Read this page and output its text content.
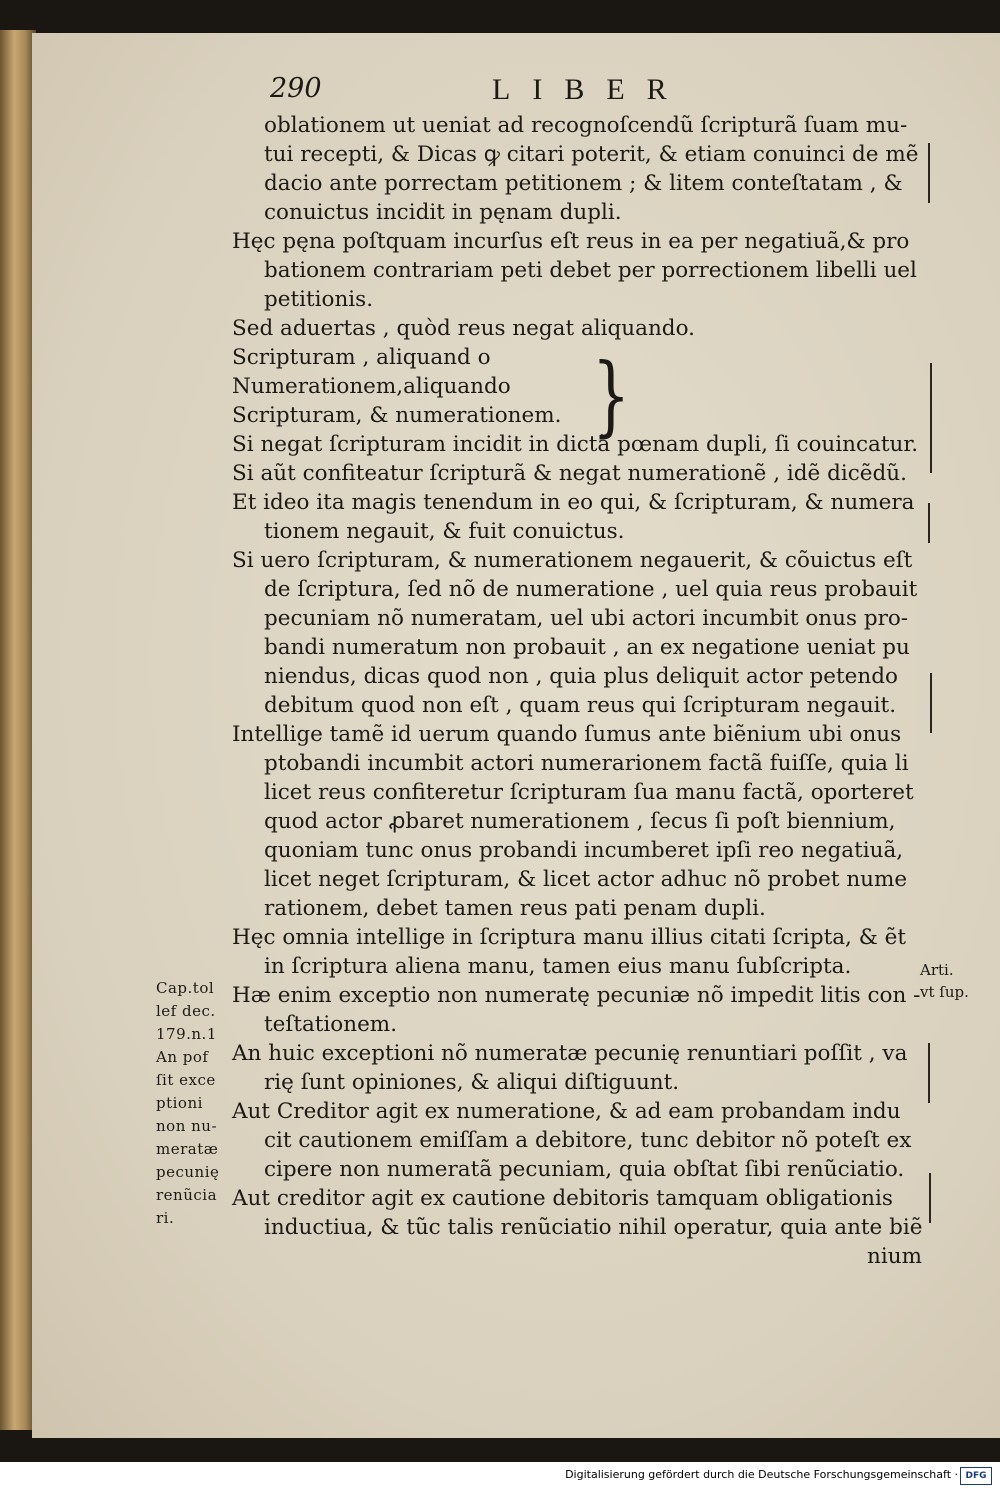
290	LIBER
oblationem ut ueniat ad recognoſcendũ ſcripturã ſuam mu-
tui recepti, & Dicas ꝙ citari poterit, & etiam conuinci de mẽ
dacio ante porrectam petitionem ; & litem conteſtatam , &
conuictus incidit in pęnam dupli.
Hęc pęna poſtquam incurſus eſt reus in ea per negatiuã,& pro
bationem contrariam peti debet per porrectionem libelli uel
petitionis.
Sed aduertas , quòd reus negat aliquando.
Scripturam , aliquand o
Numerationem,aliquando
Scripturam, & numerationem. }
Si negat ſcripturam incidit in dictã pœnam dupli, ſi couincatur.
Si aũt confiteatur ſcripturã & negat numerationẽ , idẽ dicẽdũ.
Et ideo ita magis tenendum in eo qui, & ſcripturam, & numera
tionem negauit, & fuit conuictus.
Si uero ſcripturam, & numerationem negauerit, & cõuictus eſt
de ſcriptura, ſed nõ de numeratione , uel quia reus probauit
pecuniam nõ numeratam, uel ubi actori incumbit onus pro-
bandi numeratum non probauit , an ex negatione ueniat pu
niendus, dicas quod non , quia plus deliquit actor petendo
debitum quod non eſt , quam reus qui ſcripturam negauit.
Intellige tamẽ id uerum quando ſumus ante biẽnium ubi onus
ptobandi incumbit actori numerarionem factã fuiſſe, quia li
licet reus confiteretur ſcripturam ſua manu factã, oporteret
quod actor ꝓbaret numerationem , ſecus ſi poſt biennium,
quoniam tunc onus probandi incumberet ipſi reo negatiuã,
licet neget ſcripturam, & licet actor adhuc nõ probet nume
rationem, debet tamen reus pati penam dupli.
Hęc omnia intellige in ſcriptura manu illius citati ſcripta, & ẽt
in ſcriptura aliena manu, tamen eius manu ſubſcripta.
Hæ enim exceptio non numeratę pecuniæ nõ impedit litis con -
teſtationem.
An huic exceptioni nõ numeratæ pecunię renuntiari poſſit , va
rię ſunt opiniones, & aliqui diſtiguunt.
Aut Creditor agit ex numeratione, & ad eam probandam indu
cit cautionem emiſſam a debitore, tunc debitor nõ poteſt ex
cipere non numeratã pecuniam, quia obſtat ſibi renũciatio.
Aut creditor agit ex cautione debitoris tamquam obligationis
inductiua, & tũc talis renũciatio nihil operatur, quia ante biẽ
nium
Cap.tol
lef dec.
179.n.1
An pof
ſit exce
ptioni
non nu-
meratæ
pecunię
renũcia
ri.
Arti.
vt ſup.
Digitalisierung gefördert durch die Deutsche Forschungsgemeinschaft · DFG
